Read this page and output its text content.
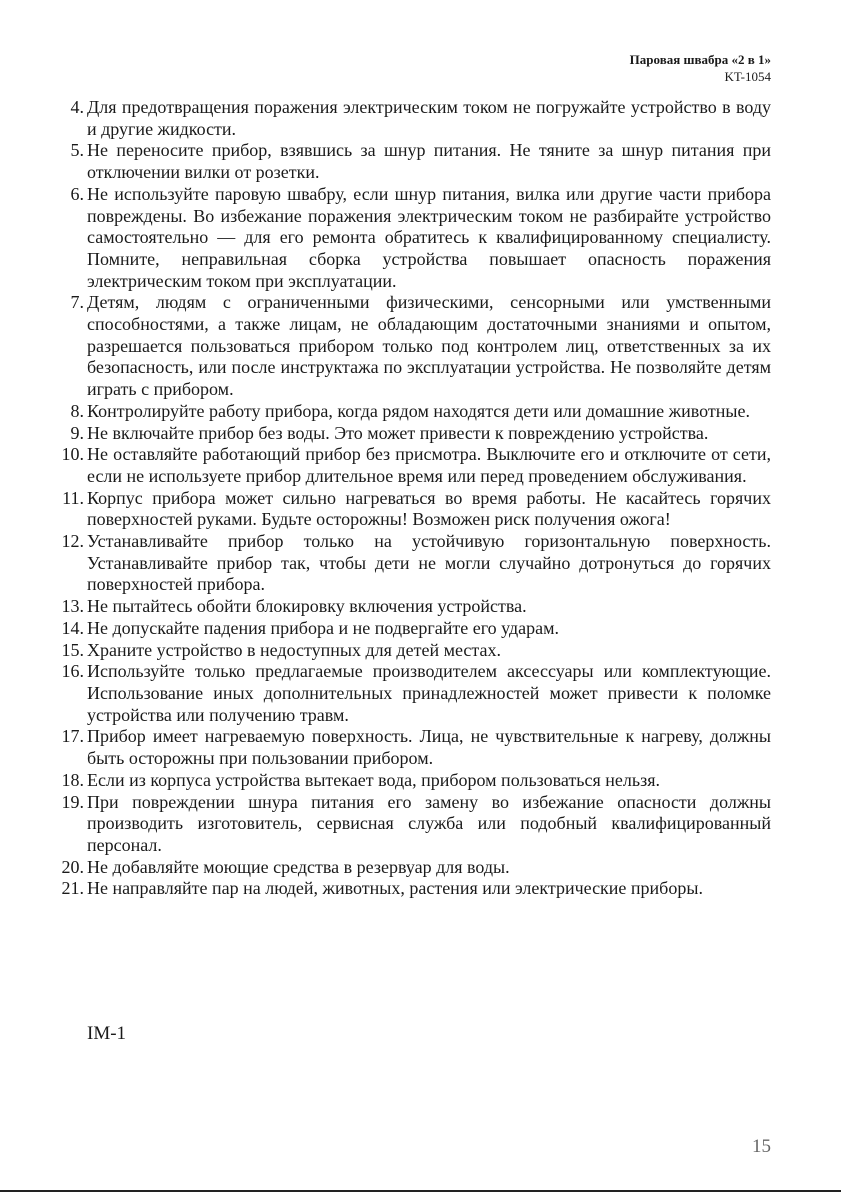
Паровая швабра «2 в 1»
KT-1054
4. Для предотвращения поражения электрическим током не погружайте устройство в воду и другие жидкости.
5. Не переносите прибор, взявшись за шнур питания. Не тяните за шнур питания при отключении вилки от розетки.
6. Не используйте паровую швабру, если шнур питания, вилка или другие части прибора повреждены. Во избежание поражения электрическим током не разбирайте устройство самостоятельно — для его ремонта обратитесь к квалифицированному специалисту. Помните, неправильная сборка устройства повышает опасность поражения электрическим током при эксплуатации.
7. Детям, людям с ограниченными физическими, сенсорными или умственными способностями, а также лицам, не обладающим достаточными знаниями и опытом, разрешается пользоваться прибором только под контролем лиц, ответственных за их безопасность, или после инструктажа по эксплуатации устройства. Не позволяйте детям играть с прибором.
8. Контролируйте работу прибора, когда рядом находятся дети или домашние животные.
9. Не включайте прибор без воды. Это может привести к повреждению устройства.
10. Не оставляйте работающий прибор без присмотра. Выключите его и отключите от сети, если не используете прибор длительное время или перед проведением обслуживания.
11. Корпус прибора может сильно нагреваться во время работы. Не касайтесь горячих поверхностей руками. Будьте осторожны! Возможен риск получения ожога!
12. Устанавливайте прибор только на устойчивую горизонтальную поверхность. Устанавливайте прибор так, чтобы дети не могли случайно дотронуться до горячих поверхностей прибора.
13. Не пытайтесь обойти блокировку включения устройства.
14. Не допускайте падения прибора и не подвергайте его ударам.
15. Храните устройство в недоступных для детей местах.
16. Используйте только предлагаемые производителем аксессуары или комплектующие. Использование иных дополнительных принадлежностей может привести к поломке устройства или получению травм.
17. Прибор имеет нагреваемую поверхность. Лица, не чувствительные к нагреву, должны быть осторожны при пользовании прибором.
18. Если из корпуса устройства вытекает вода, прибором пользоваться нельзя.
19. При повреждении шнура питания его замену во избежание опасности должны производить изготовитель, сервисная служба или подобный квалифицированный персонал.
20. Не добавляйте моющие средства в резервуар для воды.
21. Не направляйте пар на людей, животных, растения или электрические приборы.
IM-1
15
